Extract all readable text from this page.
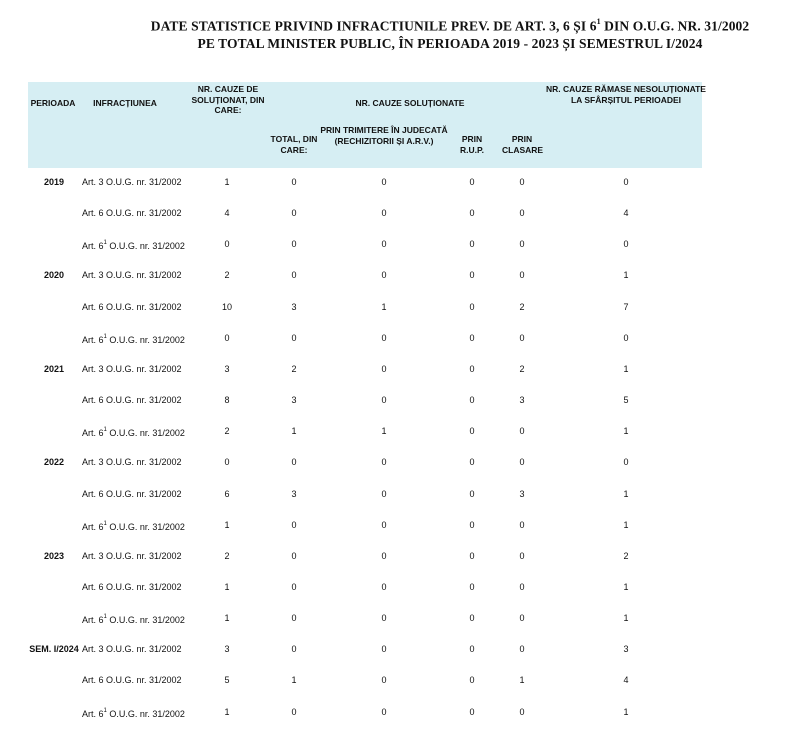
DATE STATISTICE PRIVIND INFRACTIUNILE PREV. DE ART. 3, 6 ȘI $6^1$ DIN O.U.G. NR. 31/2002
PE TOTAL MINISTER PUBLIC, ÎN PERIOADA 2019 - 2023 ȘI SEMESTRUL I/2024
PERIOADA INFRACȚIUNEA
NR. CAUZE DE SOLUȚIONAT, DIN CARE:
NR. CAUZE SOLUȚIONATE
TOTAL, DIN CARE:
PRIN TRIMITERE ÎN JUDECATĂ (RECHIZITORII ȘI A.R.V.)	PRIN R.U.P.
PRIN CLASARE
NR. CAUZE RĂMASE NESOLUȚIONATE LA SFÂRȘITUL PERIOADEI
2019 Art. 3 O.U.G. nr. 31/2002	1	0	0	0	0	0
Art. 6 O.U.G. nr. 31/2002	4	0	0	0	0	4
Art. $6^1$ O.U.G. nr. 31/2002	0	0	0	0	0	0
2020 Art. 3 O.U.G. nr. 31/2002	2	0	0	0	0	1
Art. 6 O.U.G. nr. 31/2002	10	3	1	0	2	7
Art. $6^1$ O.U.G. nr. 31/2002	0	0	0	0	0	0
2021 Art. 3 O.U.G. nr. 31/2002	3	2	0	0	2	1
Art. 6 O.U.G. nr. 31/2002	8	3	0	0	3	5
Art. $6^1$ O.U.G. nr. 31/2002	2	1	1	0	0	1
2022 Art. 3 O.U.G. nr. 31/2002	0	0	0	0	0	0
Art. 6 O.U.G. nr. 31/2002	6	3	0	0	3	1
Art. $6^1$ O.U.G. nr. 31/2002	1	0	0	0	0	1
2023 Art. 3 O.U.G. nr. 31/2002	2	0	0	0	0	2
Art. 6 O.U.G. nr. 31/2002	1	0	0	0	0	1
Art. $6^1$ O.U.G. nr. 31/2002	1	0	0	0	0	1
SEM. I/2024 Art. 3 O.U.G. nr. 31/2002	3	0	0	0	0	3
Art. 6 O.U.G. nr. 31/2002	5	1	0	0	1	4
Art. $6^1$ O.U.G. nr. 31/2002	1	0	0	0	0	1
